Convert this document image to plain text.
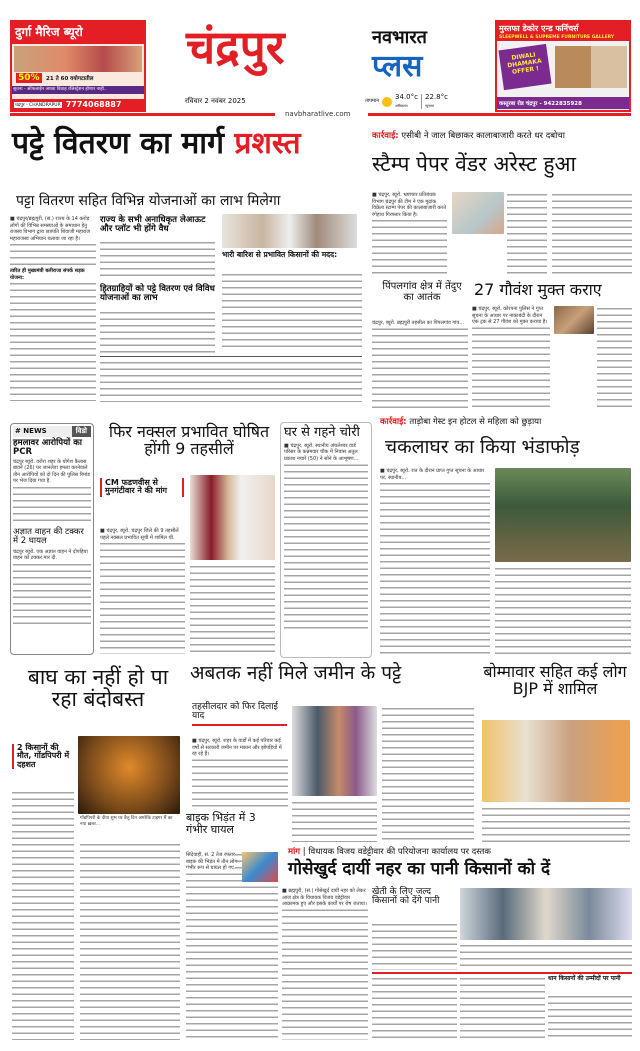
दुर्गा मैरिज ब्यूरो
50%	21 ते 60 वयोगटातील
सूचना - ऑफलाईन अथवा विवाह रजिस्ट्रेशन होणार नाही..
चंद्रपुर - CHANDRAPUR 7774068887
मुस्तफा डेकोर एन्ड फर्निचर्स
SLEEPWELL & SUPREME FURNITURE GALLERY
DIWALI DHAMAKA OFFER !
कस्तुरबा रोड चंद्रपुर - 9422835928
चंद्रपुर	नवभारत
प्लस
रविवार 2 नवंबर 2025	तापमान 34.0°c
अधिकतम
22.8°c
न्यूनतम
navbharatlive.com
पट्टे वितरण का मार्ग प्रशस्त
पट्टा वितरण सहित विभिन्न योजनाओं का लाभ मिलेगा
■ चंद्रपुर/ब्रह्मपुरी, (सं.) राज्य के 14 करोड़ लोगों की विभिन्न समस्याओं के समाधान हेतु राजस्व विभाग द्वारा छत्रपति शिवाजी महाराज महाराजस्व अभियान चलाया जा रहा है।
त्वरित ही मुख्यमंत्री बलीराजा संपर्क सड़क योजना:
राज्य के सभी अनाधिकृत लेआऊट और प्लॉट भी होंगे वैध
हितग्राहियों को पट्टे वितरण एवं विविध योजनाओं का लाभ
भारी बारिश से प्रभावित किसानों की मदद:
कार्रवाई: एसीबी ने जाल बिछाकर कालाबाजारी करते धर दबोचा
स्टैम्प पेपर वेंडर अरेस्ट हुआ
■ चंद्रपुर, ब्यूरो. भ्रष्टाचार प्रतिबंधक विभाग चंद्रपुर की टीम ने एक मुद्रांक विक्रेता स्टाम्प पेपर की कालाबाजारी करते रंगेहाथ गिरफ्तार किया है।
पिंपलगांव क्षेत्र में तेंदुए का आतंक
चंद्रपुर, ब्यूरो. ब्रह्मपुरी तहसील का पिंपलगांव गांव...
27 गौवंश मुक्त कराए
■ चंद्रपुर, ब्यूरो. कोरपना पुलिस ने गुप्त सूचना के आधार पर नाकाबंदी के दौरान एक ट्रक से 27 गौवंश को मुक्त कराया है।
कार्रवाई: ताड़ोबा गेस्ट इन होटल से महिला को छुड़ाया
चकलाघर का किया भंडाफोड़
■ चंद्रपुर, ब्यूरो. रात के दौरान प्राप्त गुप्त सूचना के आधार पर, स्थानीय...
# NEWS	विडो
हमलावर आरोपियों का PCR
चंद्रपुर ब्यूरो. वरोरा शहर के योगेश कैलास बावने (26) पर जानलेवा हमला करनेवाले तीन आरोपियों को दो दिन की पुलिस रिमांड पर भेज दिया गया है.
अज्ञात वाहन की टक्कर में 2 घायल
चंद्रपुर ब्यूरो. एक अज्ञात वाहन ने दोपहिया वाहन को टक्कर मार दी.
फिर नक्सल प्रभावित घोषित होंगी 9 तहसीलें
CM फडणवीस से मुनगंटीवार ने की मांग
■ चंद्रपुर, ब्यूरो. चंद्रपुर जिले की 9 तहसीलें पहले नक्सल प्रभावित सूची में शामिल थी.
घर से गहने चोरी
■ चंद्रपुर, ब्यूरो. स्थानीय अंचलेश्वर वार्ड परिसर के कन्नमवार चौक में निवास अतुल प्रकाश नचारे (50) ने सोने के आभूषण...
बाघ का नहीं हो पा रहा बंदोबस्त
2 किसानों की मौत, गोंडपिपरी में दहशत
गोंडपिपरी के दीया शुभ पर वैलु दिन अगरेकि टाइगर मैं का नया ख़बर...
अबतक नहीं मिले जमीन के पट्टे
तहसीलदार को फिर दिलाई याद
■ चंद्रपुर, ब्यूरो. शहर के वार्डों में कई परिवार कई वर्षों से सरकारी जमीन पर मकान और झोपड़ियों में रह रहे हैं।
बोम्मावार सहित कई लोग BJP में शामिल
बाइक भिड़ंत में 3 गंभीर घायल
सिंदेवाही, सं. 2 तेज रफ्तार बाइक की भिड़ंत में तीन लोग गंभीर रूप से घायल हो गए.
मांग | विधायक विजय वडेट्टीवार की परियोजना कार्यालय पर दस्तक
गोसेखुर्द दायीं नहर का पानी किसानों को दें
■ ब्रह्मपुरी, (सं.) गोसेखुर्द दायीं नहर को लेकर आज क्षेत्र के विधायक विजय वडेट्टीवार आक्रामक हुए और इसके कार्यों पर रोष जताया।
खेती के लिए जल्द किसानों को देंगे पानी
धान किसानों की उम्मीदों पर पानी
